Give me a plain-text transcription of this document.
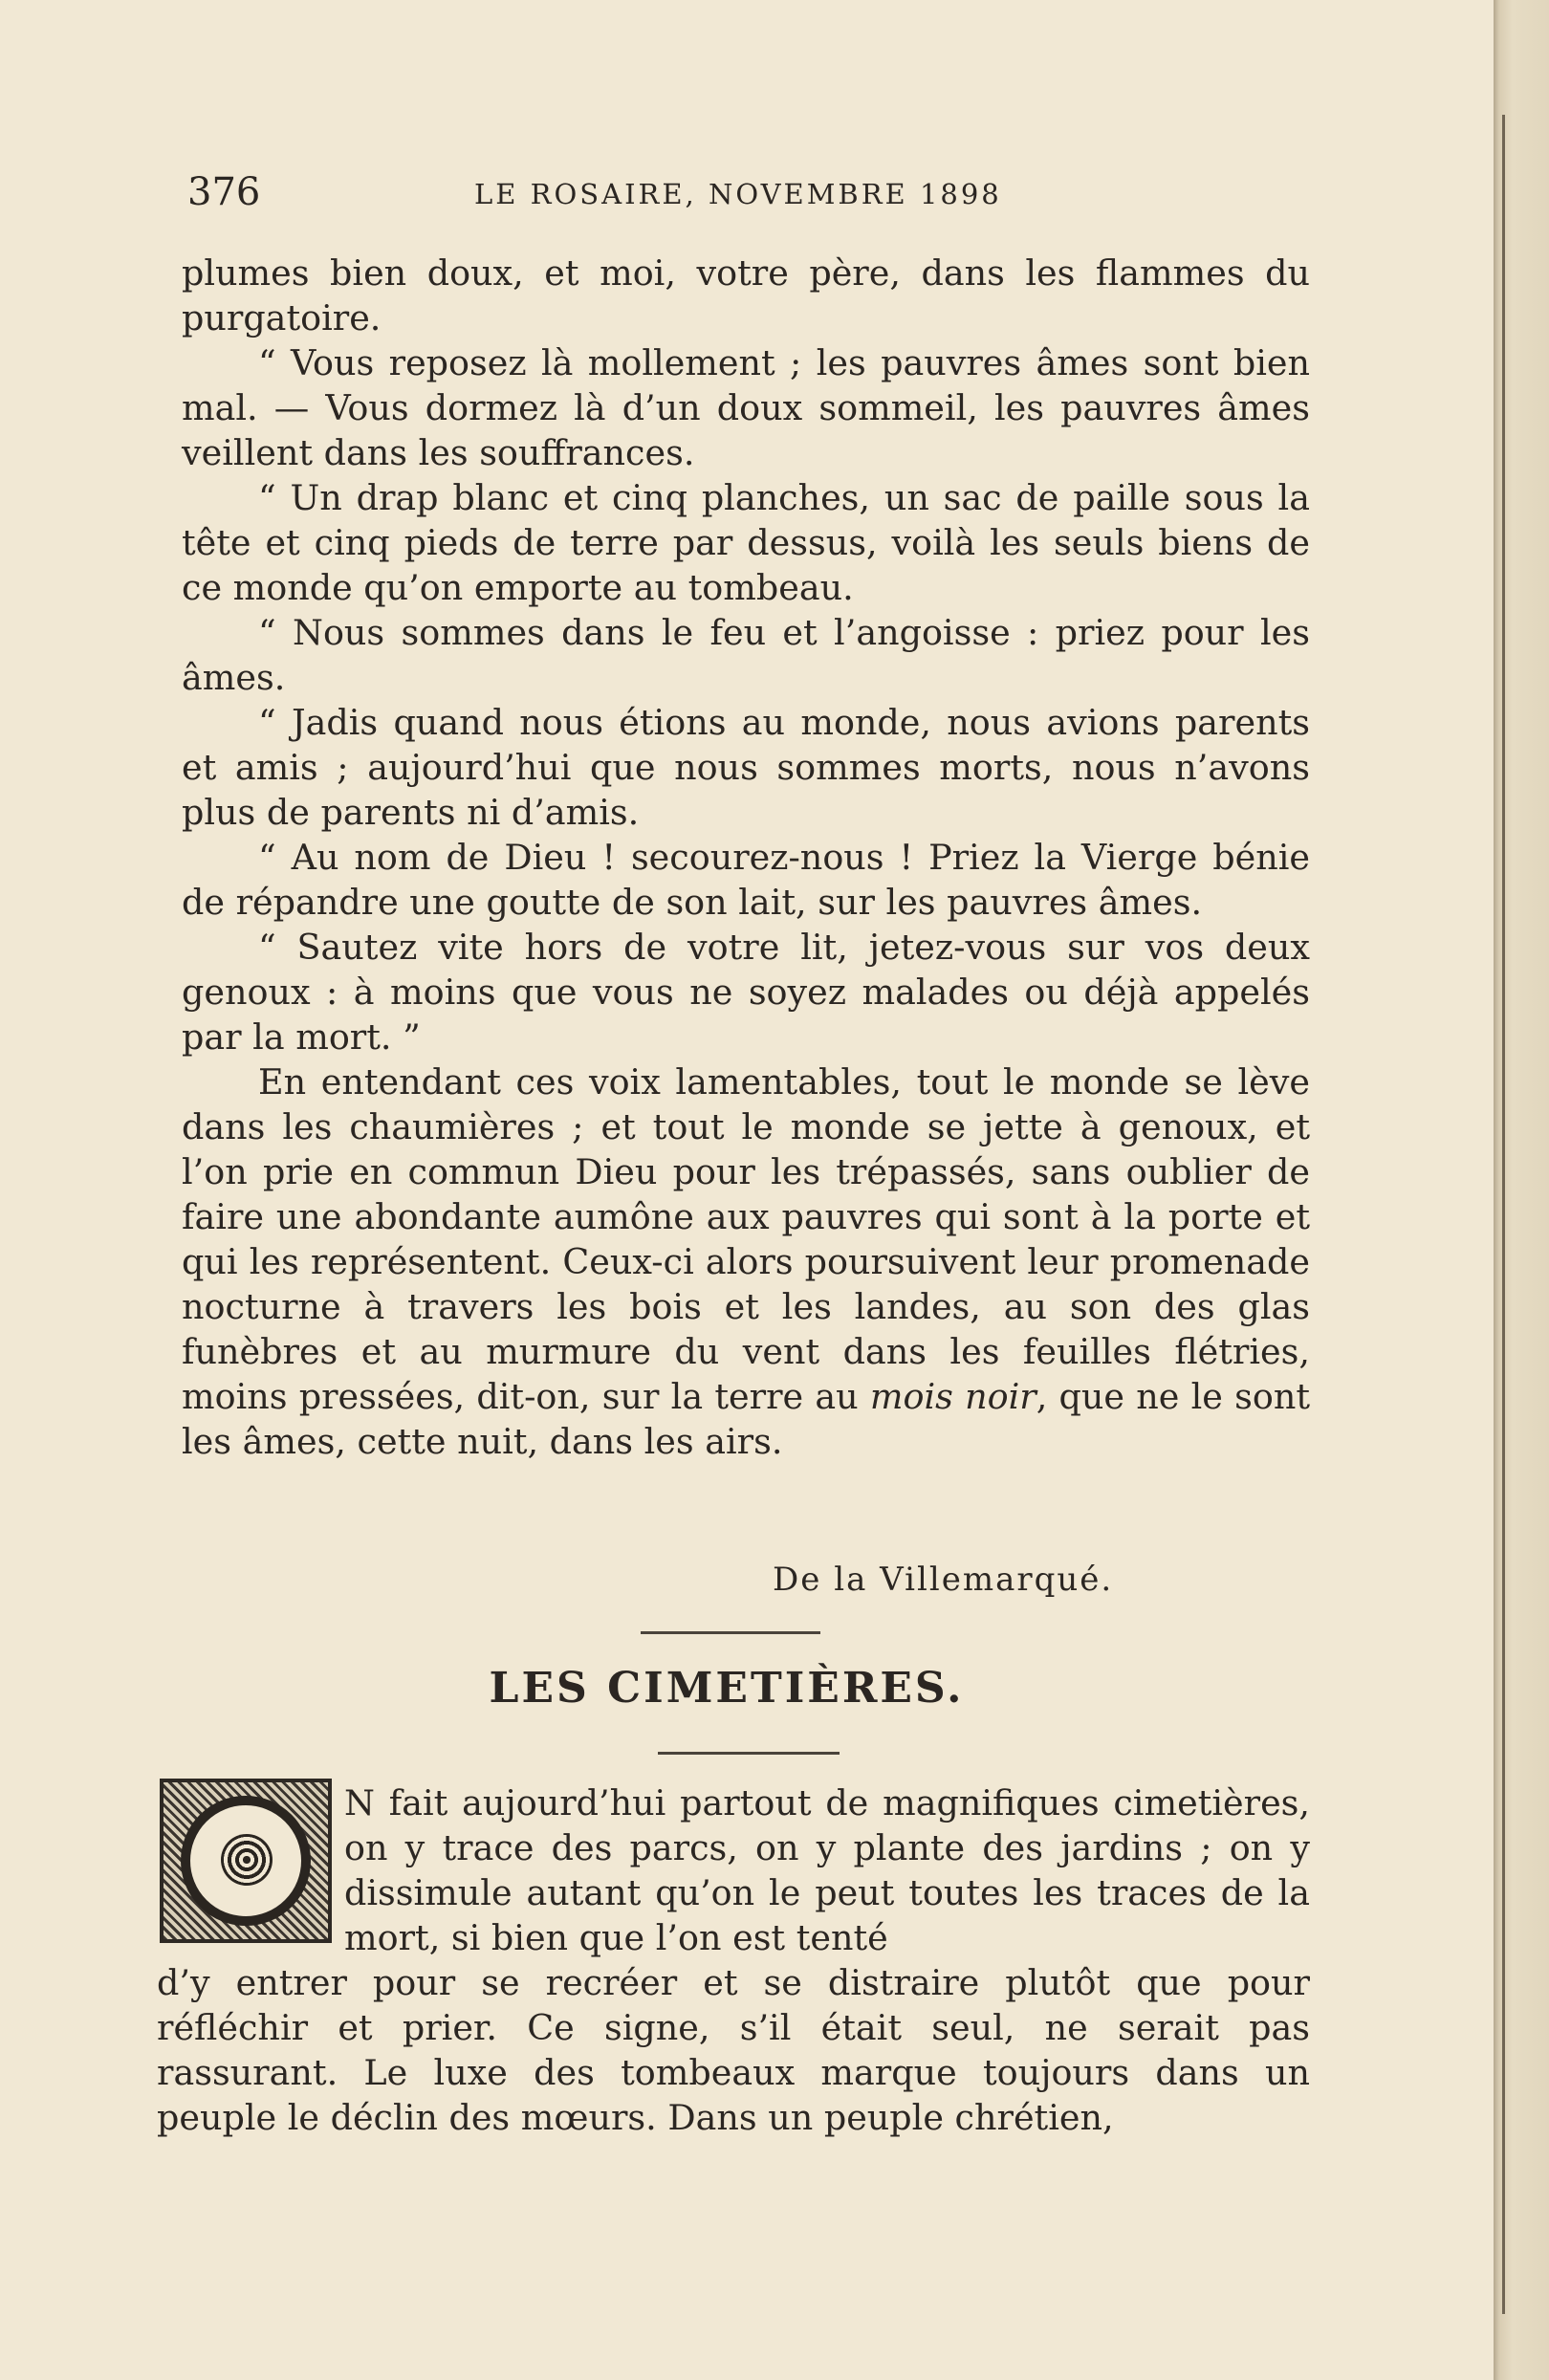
376	LE ROSAIRE, NOVEMBRE 1898

plumes bien doux, et moi, votre père, dans les flammes du purgatoire.

“ Vous reposez là mollement ; les pauvres âmes sont bien mal. — Vous dormez là d’un doux sommeil, les pauvres âmes veillent dans les souffrances.

“ Un drap blanc et cinq planches, un sac de paille sous la tête et cinq pieds de terre par dessus, voilà les seuls biens de ce monde qu’on emporte au tombeau.

“ Nous sommes dans le feu et l’angoisse : priez pour les âmes.

“ Jadis quand nous étions au monde, nous avions parents et amis ; aujourd’hui que nous sommes morts, nous n’avons plus de parents ni d’amis.

“ Au nom de Dieu ! secourez-nous ! Priez la Vierge bénie de répandre une goutte de son lait, sur les pauvres âmes.

“ Sautez vite hors de votre lit, jetez-vous sur vos deux genoux : à moins que vous ne soyez malades ou déjà appelés par la mort. ”

En entendant ces voix lamentables, tout le monde se lève dans les chaumières ; et tout le monde se jette à genoux, et l’on prie en commun Dieu pour les trépassés, sans oublier de faire une abondante aumône aux pauvres qui sont à la porte et qui les représentent. Ceux-ci alors poursuivent leur promenade nocturne à travers les bois et les landes, au son des glas funèbres et au murmure du vent dans les feuilles flétries, moins pressées, dit-on, sur la terre au mois noir, que ne le sont les âmes, cette nuit, dans les airs.

De la Villemarqué.
LES CIMETIÈRES.

N fait aujourd’hui partout de magnifiques cimetières, on y trace des parcs, on y plante des jardins ; on y dissimule autant qu’on le peut toutes les traces de la mort, si bien que l’on est tenté

d’y entrer pour se recréer et se distraire plutôt que pour réfléchir et prier. Ce signe, s’il était seul, ne serait pas rassurant. Le luxe des tombeaux marque toujours dans un peuple le déclin des mœurs. Dans un peuple chrétien,
